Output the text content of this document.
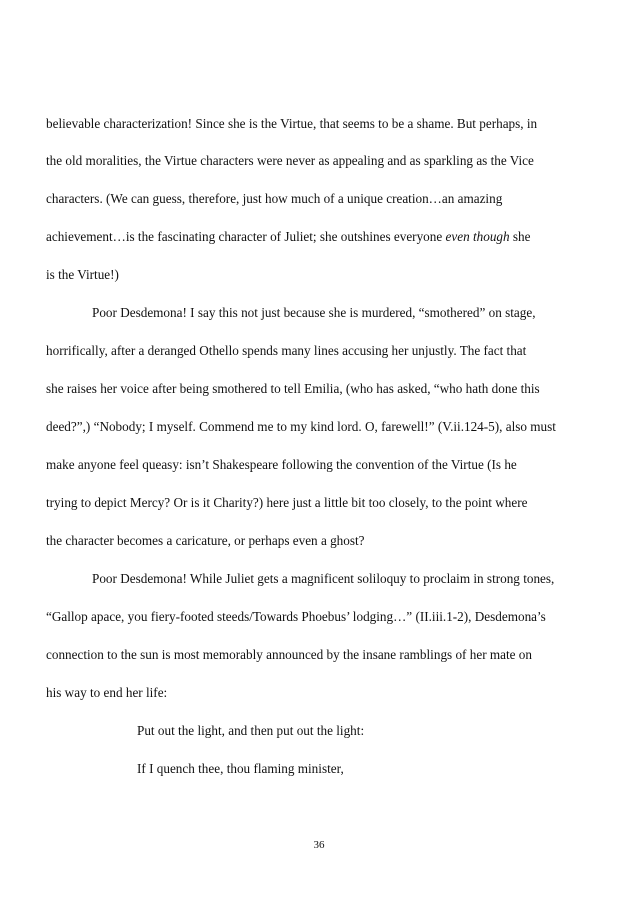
believable characterization! Since she is the Virtue, that seems to be a shame. But perhaps, in
the old moralities, the Virtue characters were never as appealing and as sparkling as the Vice
characters. (We can guess, therefore, just how much of a unique creation…an amazing
achievement…is the fascinating character of Juliet; she outshines everyone even though she
is the Virtue!)
Poor Desdemona! I say this not just because she is murdered, “smothered” on stage,
horrifically, after a deranged Othello spends many lines accusing her unjustly. The fact that
she raises her voice after being smothered to tell Emilia, (who has asked, “who hath done this
deed?”,) “Nobody; I myself. Commend me to my kind lord. O, farewell!” (V.ii.124-5), also must
make anyone feel queasy: isn’t Shakespeare following the convention of the Virtue (Is he
trying to depict Mercy? Or is it Charity?) here just a little bit too closely, to the point where
the character becomes a caricature, or perhaps even a ghost?
Poor Desdemona! While Juliet gets a magnificent soliloquy to proclaim in strong tones,
“Gallop apace, you fiery-footed steeds/Towards Phoebus’ lodging…” (II.iii.1-2), Desdemona’s
connection to the sun is most memorably announced by the insane ramblings of her mate on
his way to end her life:
Put out the light, and then put out the light:
If I quench thee, thou flaming minister,
36
